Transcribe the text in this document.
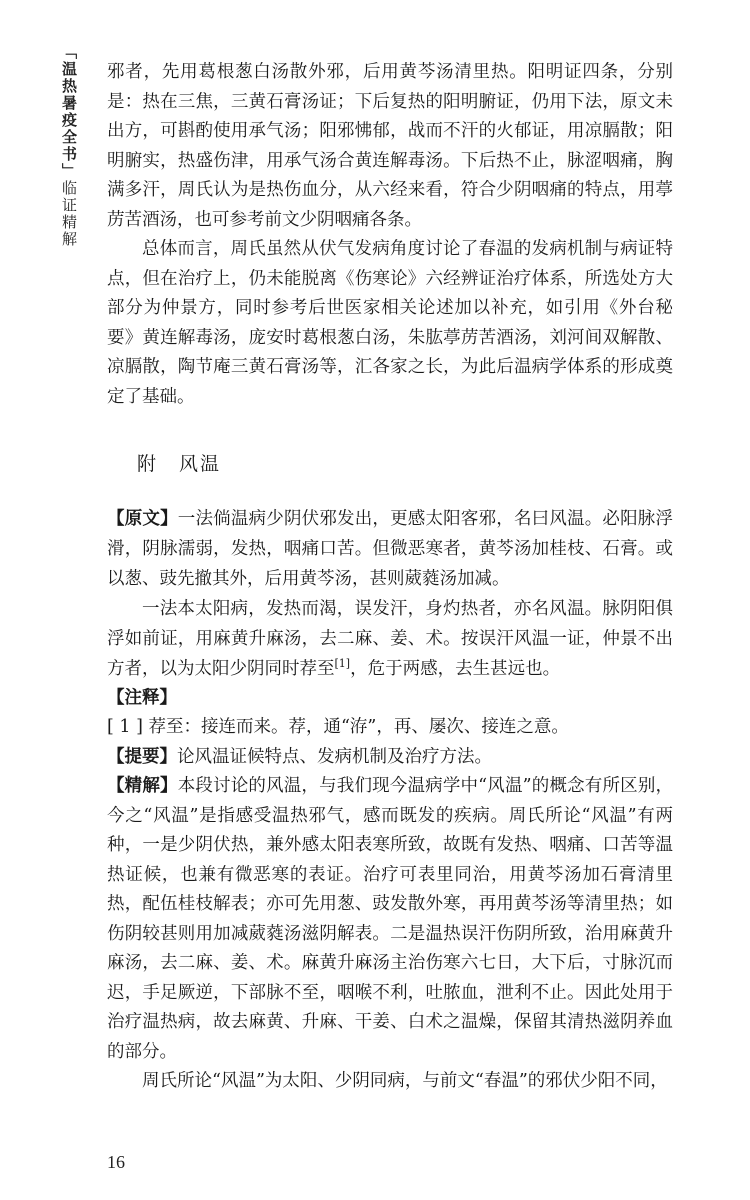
「温热暑疫全书」临证精解

邪者，先用葛根葱白汤散外邪，后用黄芩汤清里热。阳明证四条，分别是：热在三焦，三黄石膏汤证；下后复热的阳明腑证，仍用下法，原文未出方，可斟酌使用承气汤；阳邪怫郁，战而不汗的火郁证，用凉膈散；阳明腑实，热盛伤津，用承气汤合黄连解毒汤。下后热不止，脉涩咽痛，胸满多汗，周氏认为是热伤血分，从六经来看，符合少阴咽痛的特点，用葶苈苦酒汤，也可参考前文少阴咽痛各条。

总体而言，周氏虽然从伏气发病角度讨论了春温的发病机制与病证特点，但在治疗上，仍未能脱离《伤寒论》六经辨证治疗体系，所选处方大部分为仲景方，同时参考后世医家相关论述加以补充，如引用《外台秘要》黄连解毒汤，庞安时葛根葱白汤，朱肱葶苈苦酒汤，刘河间双解散、凉膈散，陶节庵三黄石膏汤等，汇各家之长，为此后温病学体系的形成奠定了基础。

附　风温

【原文】一法倘温病少阴伏邪发出，更感太阳客邪，名曰风温。必阳脉浮滑，阴脉濡弱，发热，咽痛口苦。但微恶寒者，黄芩汤加桂枝、石膏。或以葱、豉先撤其外，后用黄芩汤，甚则葳蕤汤加减。

一法本太阳病，发热而渴，误发汗，身灼热者，亦名风温。脉阴阳俱浮如前证，用麻黄升麻汤，去二麻、姜、术。按误汗风温一证，仲景不出方者，以为太阳少阴同时荐至[1]，危于两感，去生甚远也。

【注释】

[ 1 ] 荐至：接连而来。荐，通“洊”，再、屡次、接连之意。

【提要】论风温证候特点、发病机制及治疗方法。

【精解】本段讨论的风温，与我们现今温病学中“风温”的概念有所区别，今之“风温”是指感受温热邪气，感而既发的疾病。周氏所论“风温”有两种，一是少阴伏热，兼外感太阳表寒所致，故既有发热、咽痛、口苦等温热证候，也兼有微恶寒的表证。治疗可表里同治，用黄芩汤加石膏清里热，配伍桂枝解表；亦可先用葱、豉发散外寒，再用黄芩汤等清里热；如伤阴较甚则用加减葳蕤汤滋阴解表。二是温热误汗伤阴所致，治用麻黄升麻汤，去二麻、姜、术。麻黄升麻汤主治伤寒六七日，大下后，寸脉沉而迟，手足厥逆，下部脉不至，咽喉不利，吐脓血，泄利不止。因此处用于治疗温热病，故去麻黄、升麻、干姜、白术之温燥，保留其清热滋阴养血的部分。

周氏所论“风温”为太阳、少阴同病，与前文“春温”的邪伏少阳不同，

16
